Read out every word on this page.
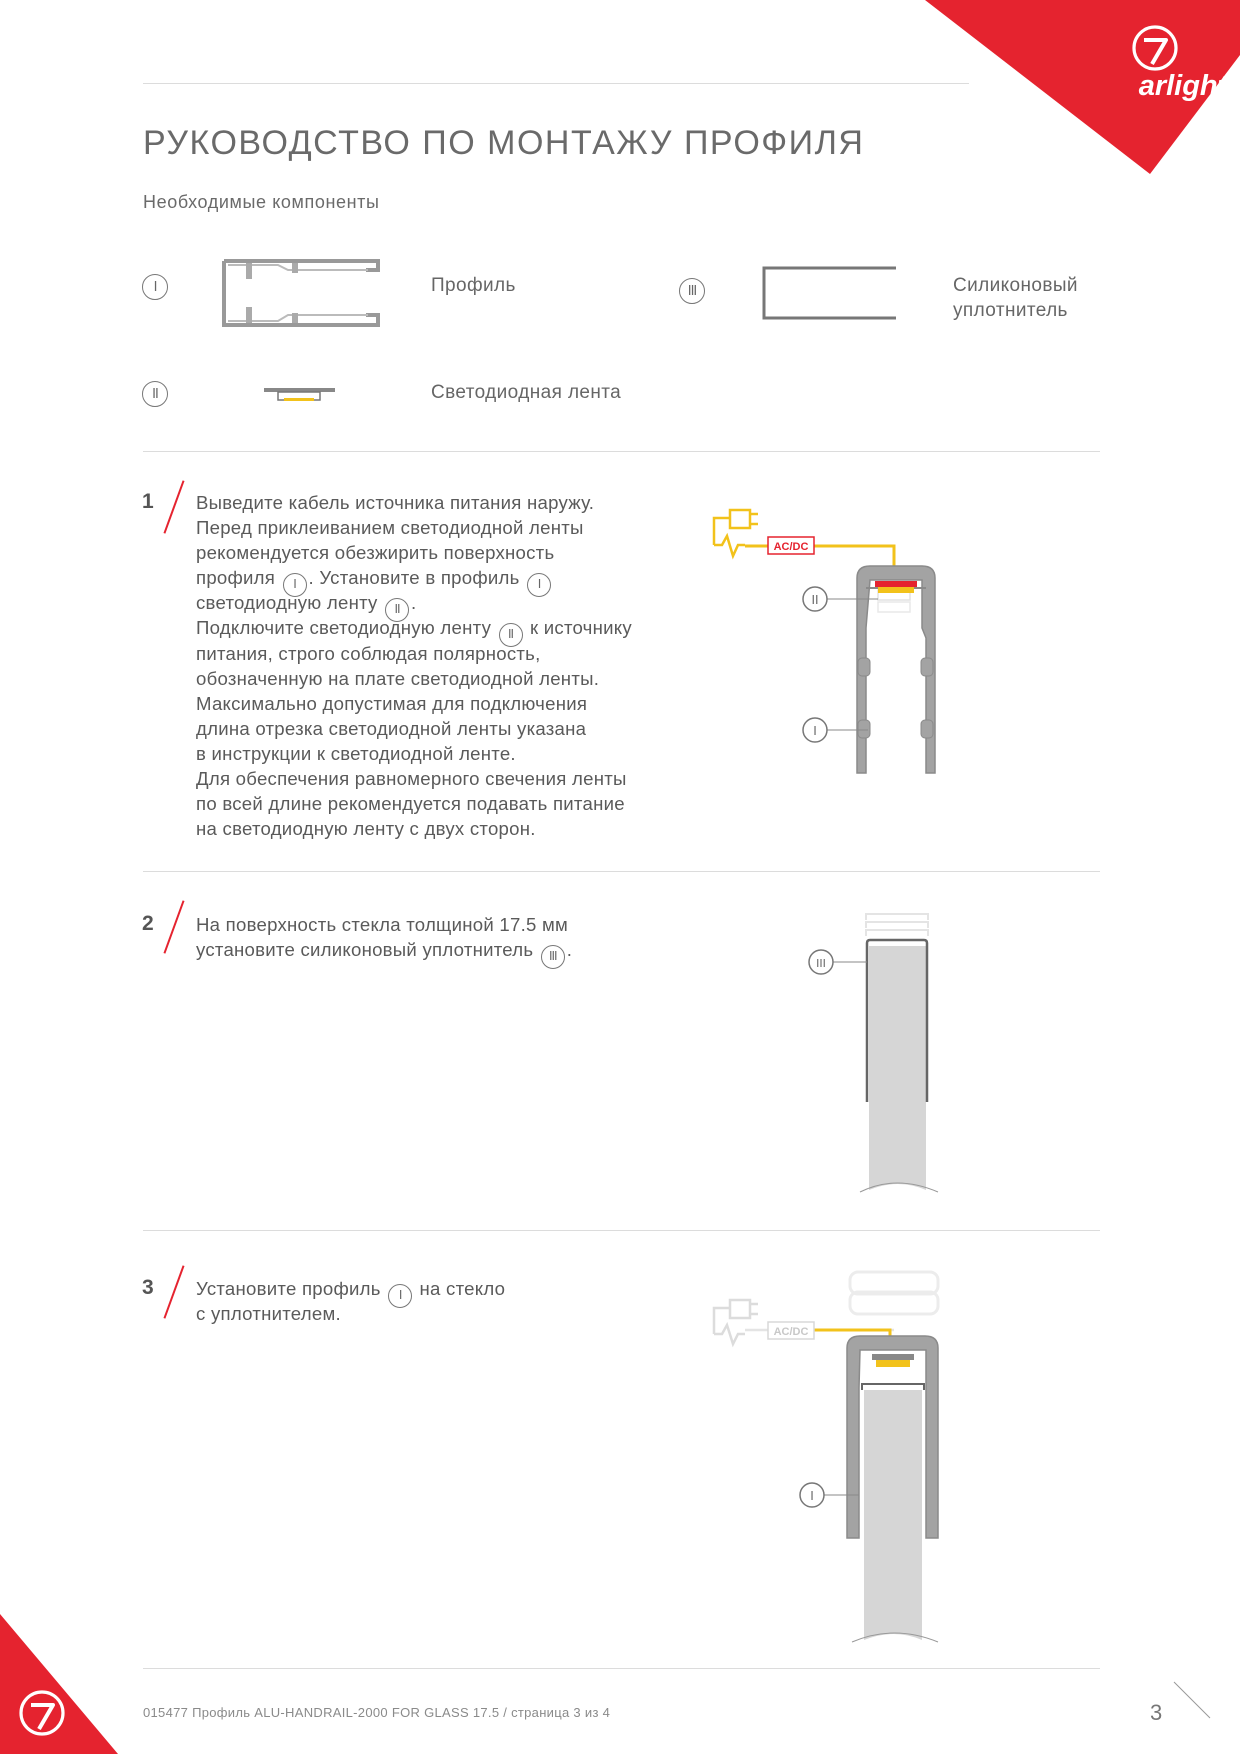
arlight
РУКОВОДСТВО ПО МОНТАЖУ ПРОФИЛЯ
Необходимые компоненты
I	Профиль	III	Силиконовый
уплотнитель
II	Светодиодная лента
1 Выведите кабель источника питания наружу.
Перед приклеиванием светодиодной ленты
рекомендуется обезжирить поверхность
профиля I . Установите в профиль I
светодиодную ленту II .
Подключите светодиодную ленту II к источнику
питания, строго соблюдая полярность,
обозначенную на плате светодиодной ленты.
Максимально допустимая для подключения
длина отрезка светодиодной ленты указана
в инструкции к светодиодной ленте.
Для обеспечения равномерного свечения ленты
по всей длине рекомендуется подавать питание
на светодиодную ленту с двух сторон.
AC/DC
II
I
2 На поверхность стекла толщиной 17.5 мм
установите силиконовый уплотнитель III .
III
3 Установите профиль I на стекло
с уплотнителем.
AC/DC
I
015477 Профиль ALU-HANDRAIL-2000 FOR GLASS 17.5 / страница 3 из 4	3
